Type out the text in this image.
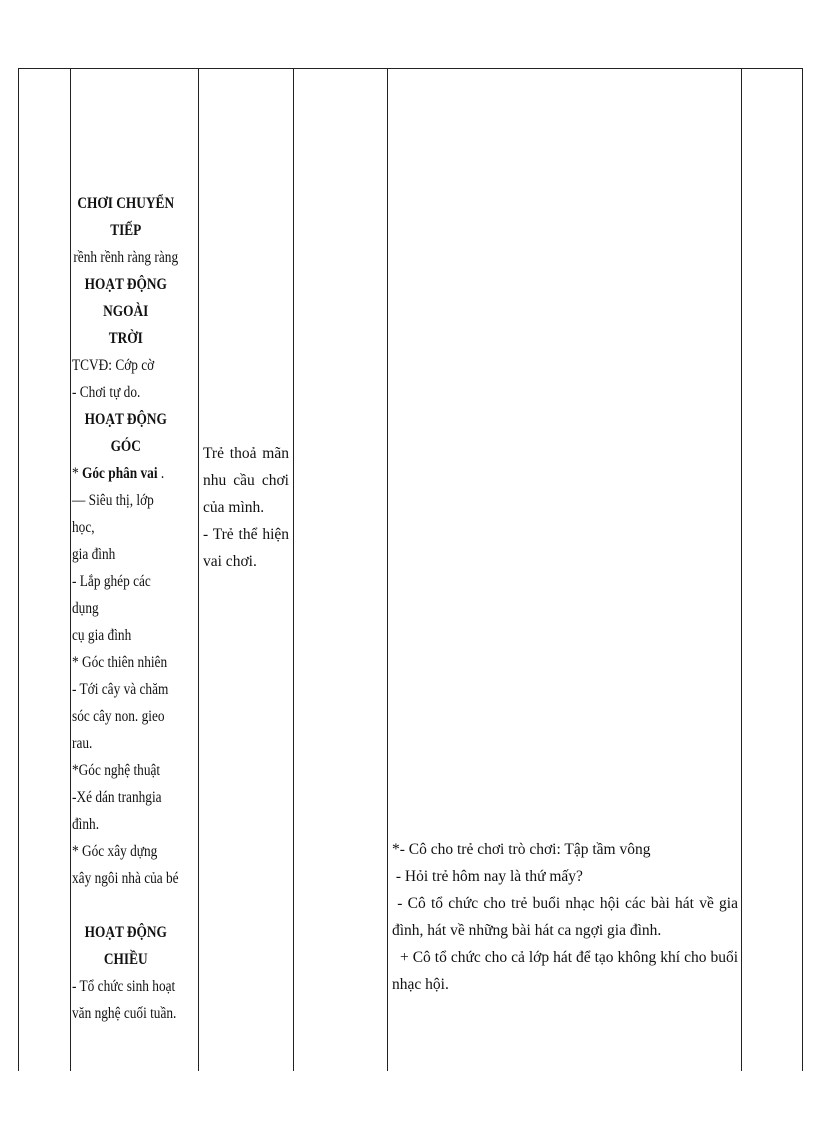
CHƠI CHUYỂN TIẾP
rềnh rềnh ràng ràng
HOẠT ĐỘNG NGOÀI
TRỜI
TCVĐ: Cớp cờ
- Chơi tự do.
HOẠT ĐỘNG GÓC
* Góc phân vai .
— Siêu thị, lớp học,
gia đình
- Lắp ghép các dụng
cụ gia đình
* Góc thiên nhiên
- Tới cây và chăm
sóc cây non. gieo
rau.
*Góc nghệ thuật
-Xé dán tranhgia
đình.
* Góc xây dựng
xây ngôi nhà của bé

HOẠT ĐỘNG CHIỀU
- Tổ chức sinh hoạt
văn nghệ cuối tuần.
Trẻ thoả mãn
nhu cầu chơi
của mình.
- Trẻ thể hiện
vai chơi.
*- Cô cho trẻ chơi trò chơi: Tập tầm vông
- Hỏi trẻ hôm nay là thứ mấy?
- Cô tổ chức cho trẻ buổi nhạc hội các bài hát về gia đình, hát về những bài hát ca ngợi gia đình.
+ Cô tổ chức cho cả lớp hát để tạo không khí cho buổi nhạc hội.
